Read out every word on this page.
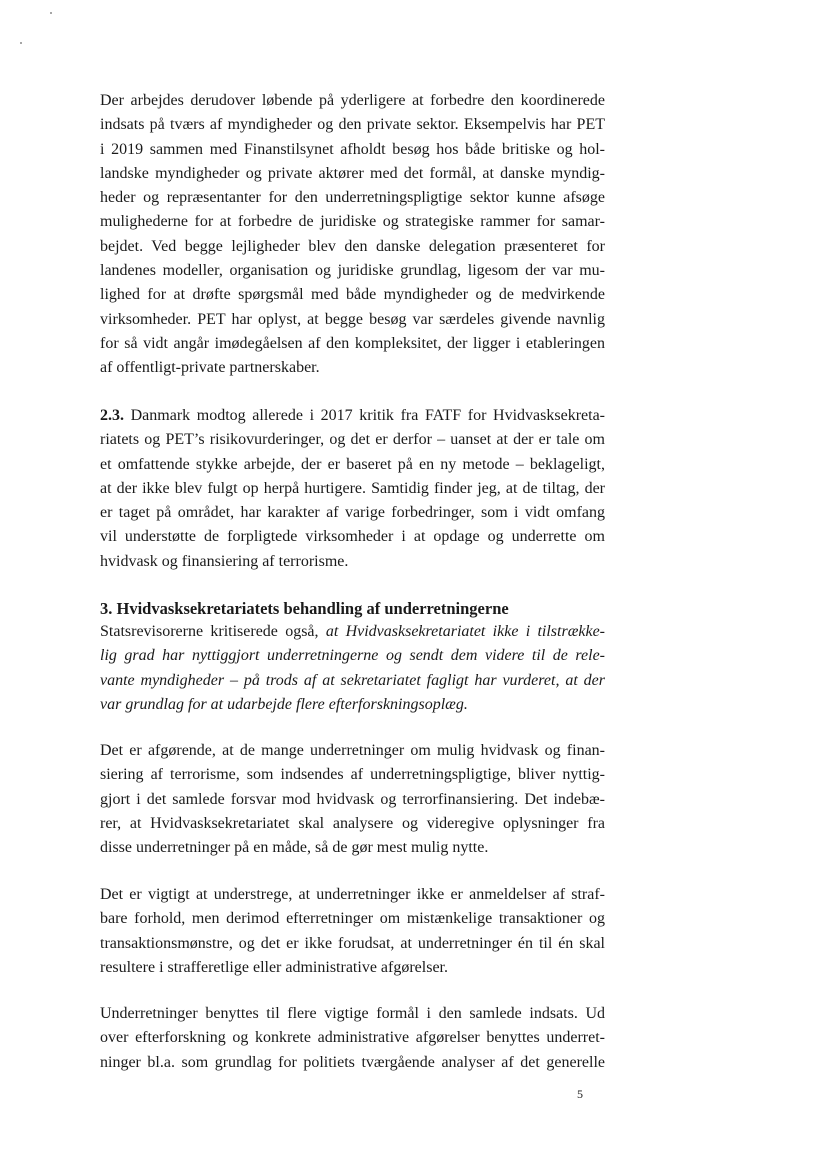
Der arbejdes derudover løbende på yderligere at forbedre den koordinerede
indsats på tværs af myndigheder og den private sektor. Eksempelvis har PET
i 2019 sammen med Finanstilsynet afholdt besøg hos både britiske og hol-
landske myndigheder og private aktører med det formål, at danske myndig-
heder og repræsentanter for den underretningspligtige sektor kunne afsøge
mulighederne for at forbedre de juridiske og strategiske rammer for samar-
bejdet. Ved begge lejligheder blev den danske delegation præsenteret for
landenes modeller, organisation og juridiske grundlag, ligesom der var mu-
lighed for at drøfte spørgsmål med både myndigheder og de medvirkende
virksomheder. PET har oplyst, at begge besøg var særdeles givende navnlig
for så vidt angår imødegåelsen af den kompleksitet, der ligger i etableringen
af offentligt-private partnerskaber.
2.3. Danmark modtog allerede i 2017 kritik fra FATF for Hvidvasksekreta-
riatets og PET’s risikovurderinger, og det er derfor – uanset at der er tale om
et omfattende stykke arbejde, der er baseret på en ny metode – beklageligt,
at der ikke blev fulgt op herpå hurtigere. Samtidig finder jeg, at de tiltag, der
er taget på området, har karakter af varige forbedringer, som i vidt omfang
vil understøtte de forpligtede virksomheder i at opdage og underrette om
hvidvask og finansiering af terrorisme.
3. Hvidvasksekretariatets behandling af underretningerne
Statsrevisorerne kritiserede også, at Hvidvasksekretariatet ikke i tilstrække-
lig grad har nyttiggjort underretningerne og sendt dem videre til de rele-
vante myndigheder – på trods af at sekretariatet fagligt har vurderet, at der
var grundlag for at udarbejde flere efterforskningsoplæg.
Det er afgørende, at de mange underretninger om mulig hvidvask og finan-
siering af terrorisme, som indsendes af underretningspligtige, bliver nyttig-
gjort i det samlede forsvar mod hvidvask og terrorfinansiering. Det indebæ-
rer, at Hvidvasksekretariatet skal analysere og videregive oplysninger fra
disse underretninger på en måde, så de gør mest mulig nytte.
Det er vigtigt at understrege, at underretninger ikke er anmeldelser af straf-
bare forhold, men derimod efterretninger om mistænkelige transaktioner og
transaktionsmønstre, og det er ikke forudsat, at underretninger én til én skal
resultere i strafferetlige eller administrative afgørelser.
Underretninger benyttes til flere vigtige formål i den samlede indsats. Ud
over efterforskning og konkrete administrative afgørelser benyttes underret-
ninger bl.a. som grundlag for politiets tværgående analyser af det generelle
5
